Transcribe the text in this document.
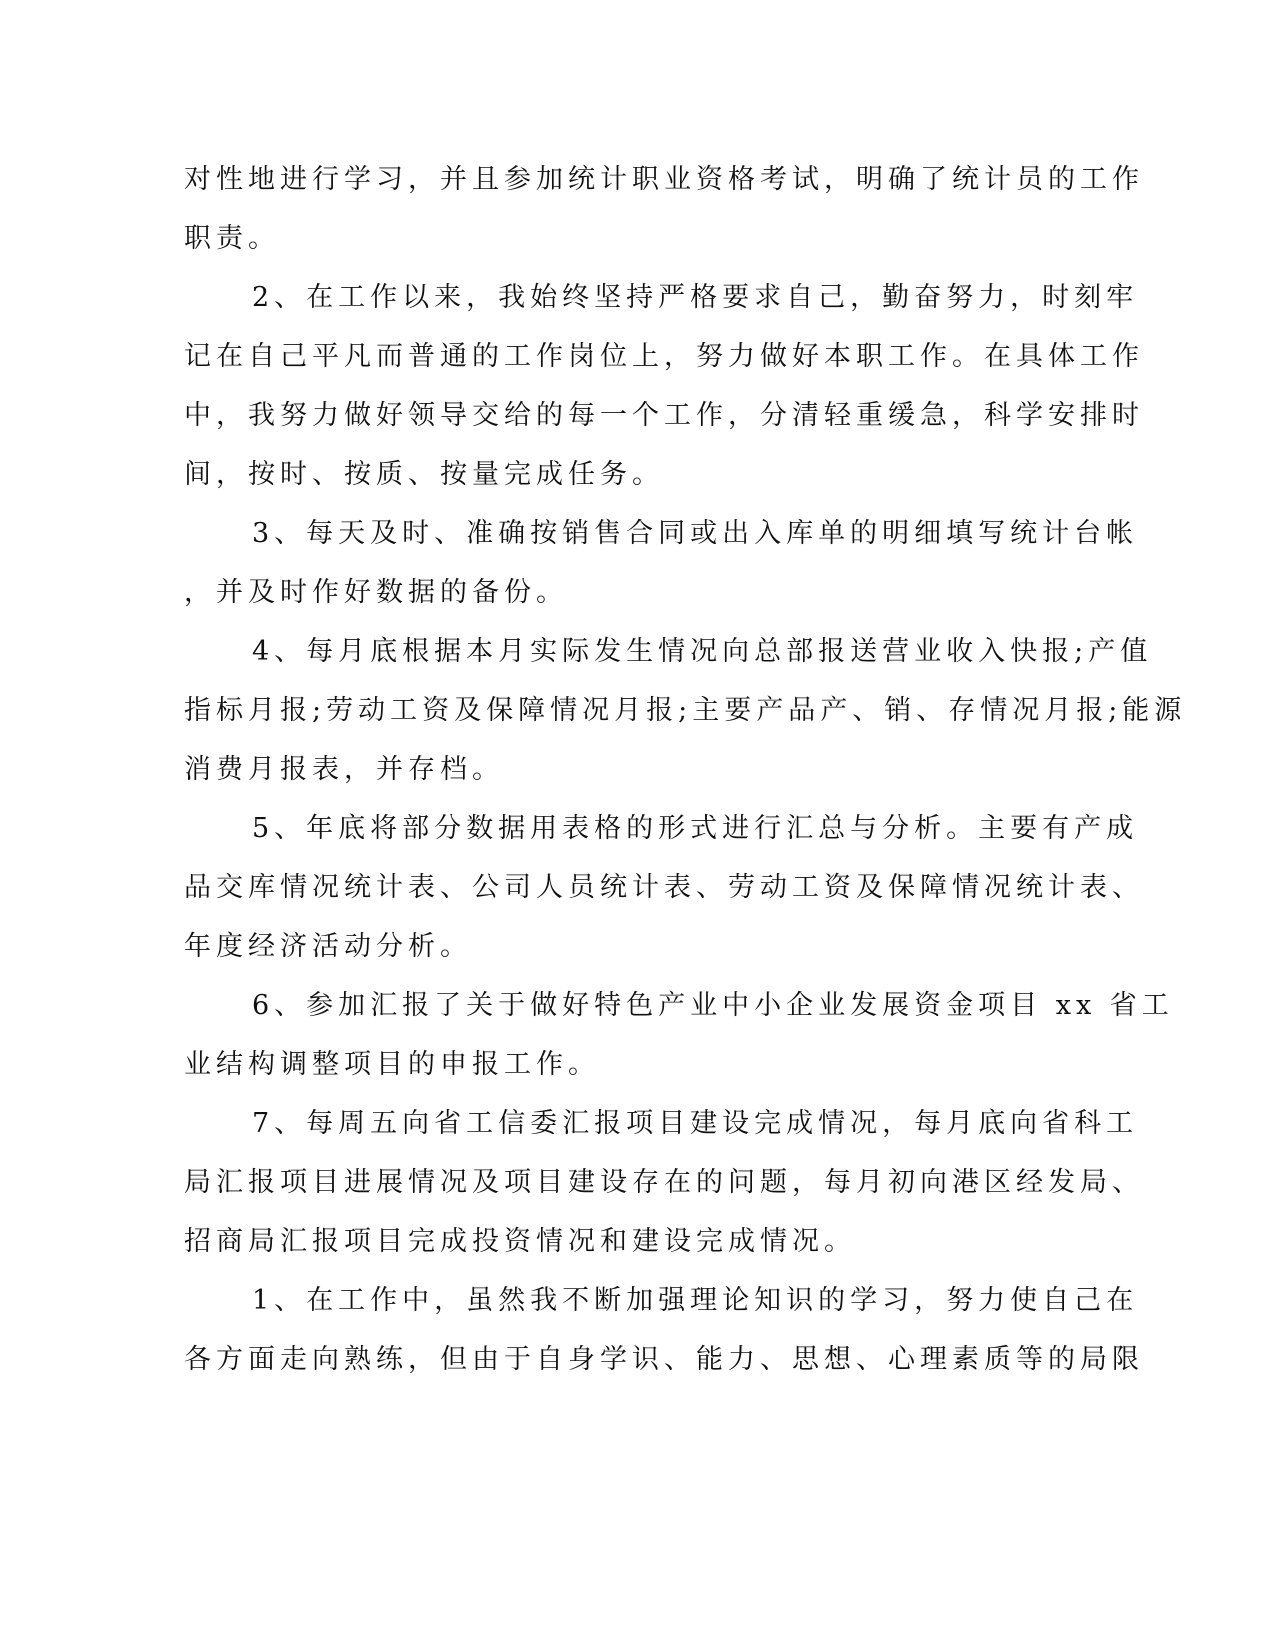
对性地进行学习，并且参加统计职业资格考试，明确了统计员的工作
职责。
2、在工作以来，我始终坚持严格要求自己，勤奋努力，时刻牢
记在自己平凡而普通的工作岗位上，努力做好本职工作。在具体工作
中，我努力做好领导交给的每一个工作，分清轻重缓急，科学安排时
间，按时、按质、按量完成任务。
3、每天及时、准确按销售合同或出入库单的明细填写统计台帐
，并及时作好数据的备份。
4、每月底根据本月实际发生情况向总部报送营业收入快报;产值
指标月报;劳动工资及保障情况月报;主要产品产、销、存情况月报;能源
消费月报表，并存档。
5、年底将部分数据用表格的形式进行汇总与分析。主要有产成
品交库情况统计表、公司人员统计表、劳动工资及保障情况统计表、
年度经济活动分析。
6、参加汇报了关于做好特色产业中小企业发展资金项目 xx 省工
业结构调整项目的申报工作。
7、每周五向省工信委汇报项目建设完成情况，每月底向省科工
局汇报项目进展情况及项目建设存在的问题，每月初向港区经发局、
招商局汇报项目完成投资情况和建设完成情况。
1、在工作中，虽然我不断加强理论知识的学习，努力使自己在
各方面走向熟练，但由于自身学识、能力、思想、心理素质等的局限
